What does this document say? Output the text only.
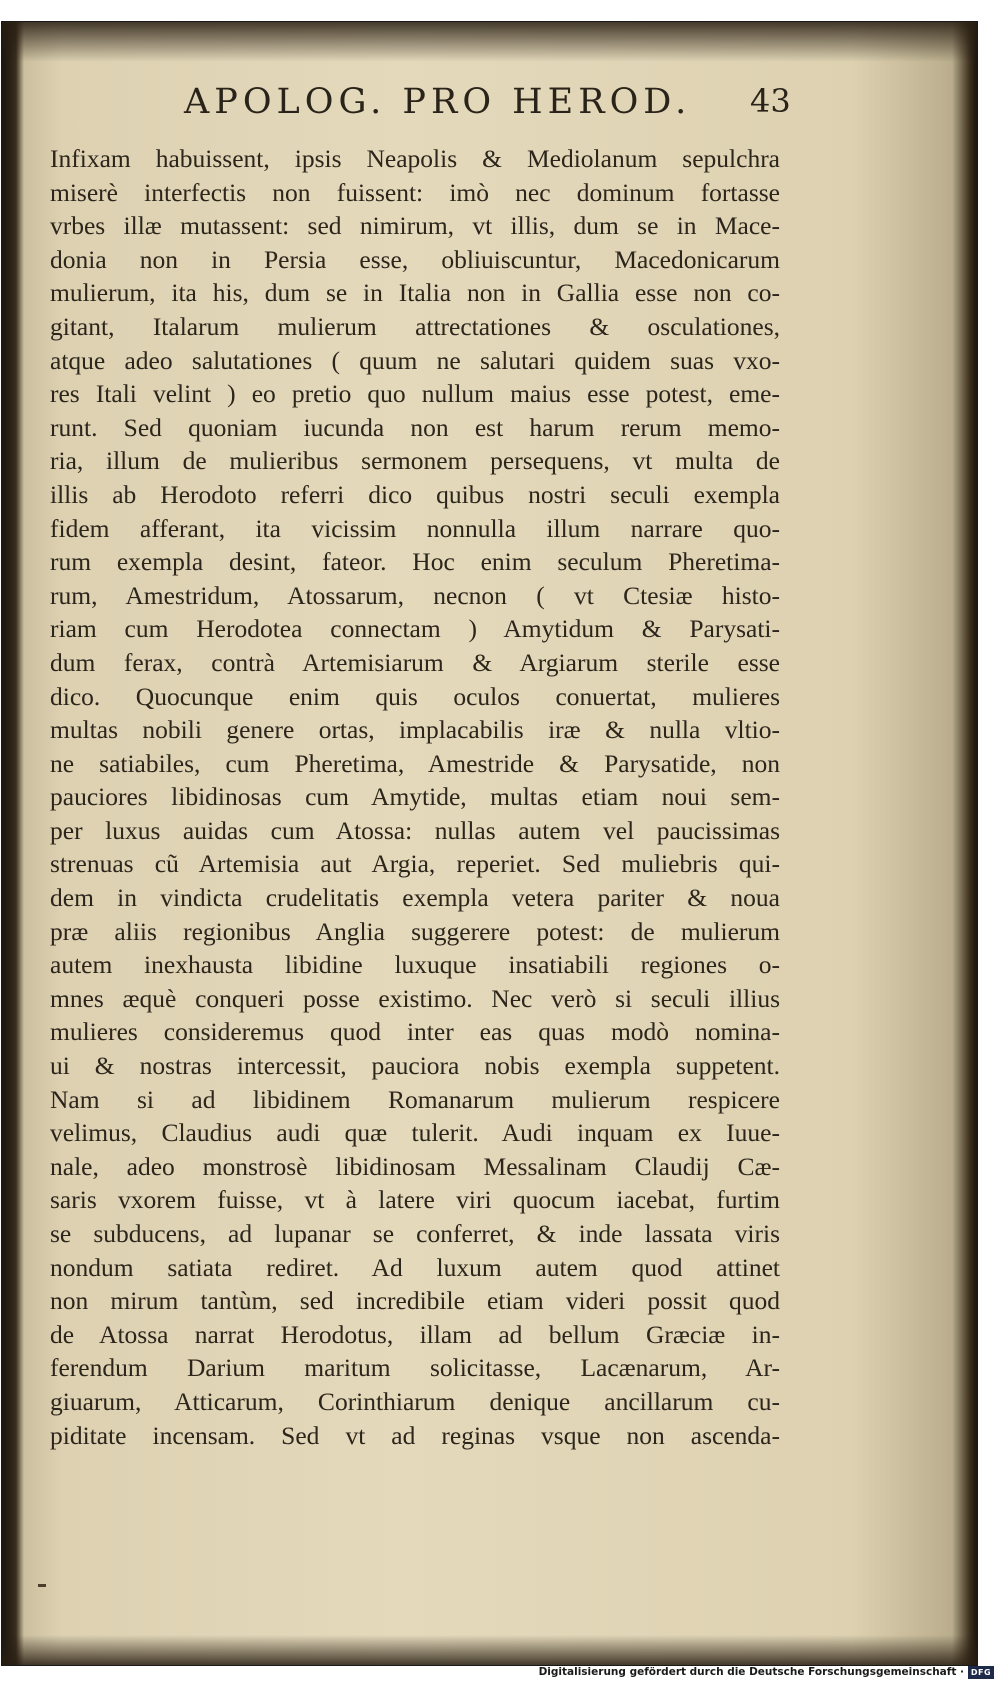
APOLOG. PRO HEROD.	43
Infixam habuissent, ipsis Neapolis & Mediolanum sepulchra
miserè interfectis non fuissent: imò nec dominum fortasse
vrbes illæ mutassent: sed nimirum, vt illis, dum se in Mace-
donia non in Persia esse, obliuiscuntur, Macedonicarum
mulierum, ita his, dum se in Italia non in Gallia esse non co-
gitant, Italarum mulierum attrectationes & osculationes,
atque adeo salutationes ( quum ne salutari quidem suas vxo-
res Itali velint ) eo pretio quo nullum maius esse potest, eme-
runt. Sed quoniam iucunda non est harum rerum memo-
ria, illum de mulieribus sermonem persequens, vt multa de
illis ab Herodoto referri dico quibus nostri seculi exempla
fidem afferant, ita vicissim nonnulla illum narrare quo-
rum exempla desint, fateor. Hoc enim seculum Pheretima-
rum, Amestridum, Atossarum, necnon ( vt Ctesiæ histo-
riam cum Herodotea connectam ) Amytidum & Parysati-
dum ferax, contrà Artemisiarum & Argiarum sterile esse
dico. Quocunque enim quis oculos conuertat, mulieres
multas nobili genere ortas, implacabilis iræ & nulla vltio-
ne satiabiles, cum Pheretima, Amestride & Parysatide, non
pauciores libidinosas cum Amytide, multas etiam noui sem-
per luxus auidas cum Atossa: nullas autem vel paucissimas
strenuas cũ Artemisia aut Argia, reperiet. Sed muliebris qui-
dem in vindicta crudelitatis exempla vetera pariter & noua
præ aliis regionibus Anglia suggerere potest: de mulierum
autem inexhausta libidine luxuque insatiabili regiones o-
mnes æquè conqueri posse existimo. Nec verò si seculi illius
mulieres consideremus quod inter eas quas modò nomina-
ui & nostras intercessit, pauciora nobis exempla suppetent.
Nam si ad libidinem Romanarum mulierum respicere
velimus, Claudius audi quæ tulerit. Audi inquam ex Iuue-
nale, adeo monstrosè libidinosam Messalinam Claudij Cæ-
saris vxorem fuisse, vt à latere viri quocum iacebat, furtim
se subducens, ad lupanar se conferret, & inde lassata viris
nondum satiata rediret. Ad luxum autem quod attinet
non mirum tantùm, sed incredibile etiam videri possit quod
de Atossa narrat Herodotus, illam ad bellum Græciæ in-
ferendum Darium maritum solicitasse, Lacænarum, Ar-
giuarum, Atticarum, Corinthiarum denique ancillarum cu-
piditate incensam. Sed vt ad reginas vsque non ascenda-
Digitalisierung gefördert durch die Deutsche Forschungsgemeinschaft · DFG
